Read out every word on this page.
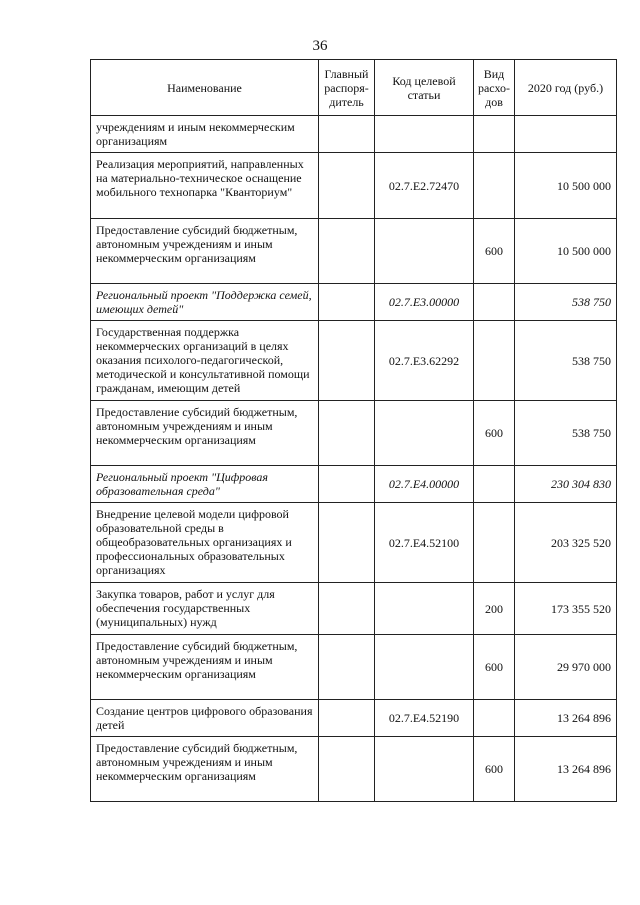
36
Наименование	Главный распоря-дитель	Код целевой статьи	Вид расхо-дов	2020 год (руб.)
учреждениям и иным некоммерческим организациям				
Реализация мероприятий, направленных на материально-техническое оснащение мобильного технопарка "Кванториум"		02.7.E2.72470		10 500 000
Предоставление субсидий бюджетным, автономным учреждениям и иным некоммерческим организациям			600	10 500 000
Региональный проект "Поддержка семей, имеющих детей"		02.7.E3.00000		538 750
Государственная поддержка некоммерческих организаций в целях оказания психолого-педагогической, методической и консультативной помощи гражданам, имеющим детей		02.7.E3.62292		538 750
Предоставление субсидий бюджетным, автономным учреждениям и иным некоммерческим организациям			600	538 750
Региональный проект "Цифровая образовательная среда"		02.7.E4.00000		230 304 830
Внедрение целевой модели цифровой образовательной среды в общеобразовательных организациях и профессиональных образовательных организациях		02.7.E4.52100		203 325 520
Закупка товаров, работ и услуг для обеспечения государственных (муниципальных) нужд			200	173 355 520
Предоставление субсидий бюджетным, автономным учреждениям и иным некоммерческим организациям			600	29 970 000
Создание центров цифрового образования детей		02.7.E4.52190		13 264 896
Предоставление субсидий бюджетным, автономным учреждениям и иным некоммерческим организациям			600	13 264 896
